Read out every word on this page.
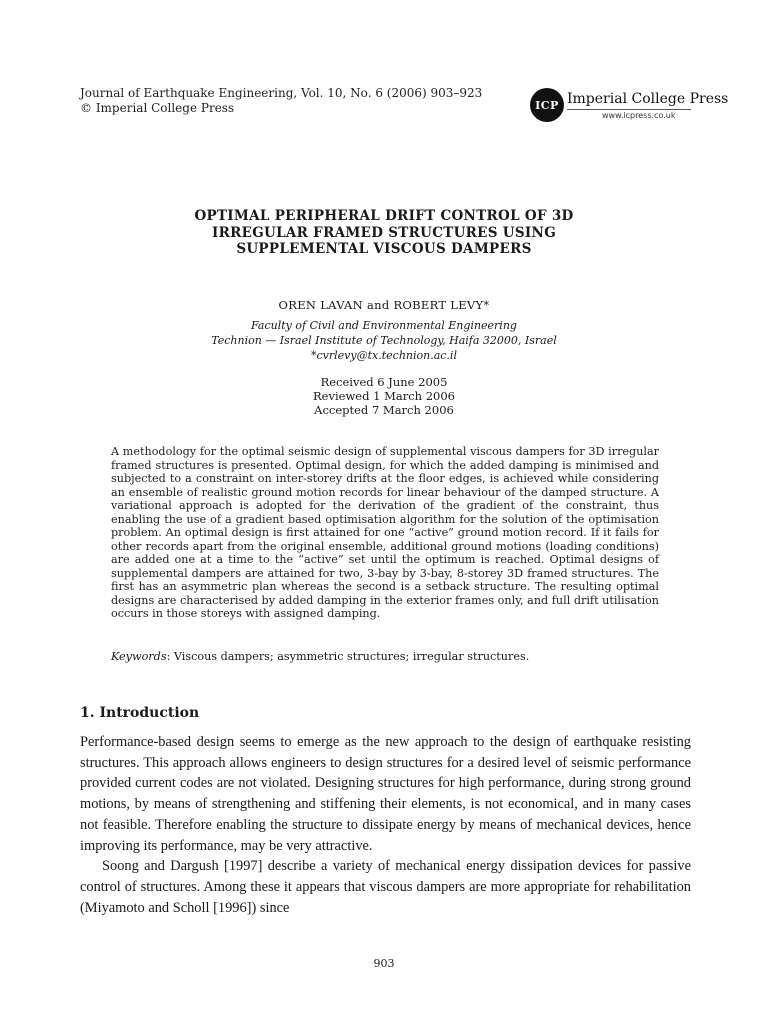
Journal of Earthquake Engineering, Vol. 10, No. 6 (2006) 903–923
© Imperial College Press	ICP Imperial College Press
www.icpress.co.uk
OPTIMAL PERIPHERAL DRIFT CONTROL OF 3D
IRREGULAR FRAMED STRUCTURES USING
SUPPLEMENTAL VISCOUS DAMPERS
OREN LAVAN and ROBERT LEVY*
Faculty of Civil and Environmental Engineering
Technion — Israel Institute of Technology, Haifa 32000, Israel
*cvrlevy@tx.technion.ac.il
Received 6 June 2005
Reviewed 1 March 2006
Accepted 7 March 2006

A methodology for the optimal seismic design of supplemental viscous dampers for 3D irregular framed structures is presented. Optimal design, for which the added damping is minimised and subjected to a constraint on inter-storey drifts at the floor edges, is achieved while considering an ensemble of realistic ground motion records for linear behaviour of the damped structure. A variational approach is adopted for the derivation of the gradient of the constraint, thus enabling the use of a gradient based optimisation algorithm for the solution of the optimisation problem. An optimal design is first attained for one “active” ground motion record. If it fails for other records apart from the original ensemble, additional ground motions (loading conditions) are added one at a time to the “active” set until the optimum is reached. Optimal designs of supplemental dampers are attained for two, 3-bay by 3-bay, 8-storey 3D framed structures. The first has an asymmetric plan whereas the second is a setback structure. The resulting optimal designs are characterised by added damping in the exterior frames only, and full drift utilisation occurs in those storeys with assigned damping.

Keywords: Viscous dampers; asymmetric structures; irregular structures.
1. Introduction

Performance-based design seems to emerge as the new approach to the design of earthquake resisting structures. This approach allows engineers to design structures for a desired level of seismic performance provided current codes are not violated. Designing structures for high performance, during strong ground motions, by means of strengthening and stiffening their elements, is not economical, and in many cases not feasible. Therefore enabling the structure to dissipate energy by means of mechanical devices, hence improving its performance, may be very attractive.

Soong and Dargush [1997] describe a variety of mechanical energy dissipation devices for passive control of structures. Among these it appears that viscous dampers are more appropriate for rehabilitation (Miyamoto and Scholl [1996]) since

903
